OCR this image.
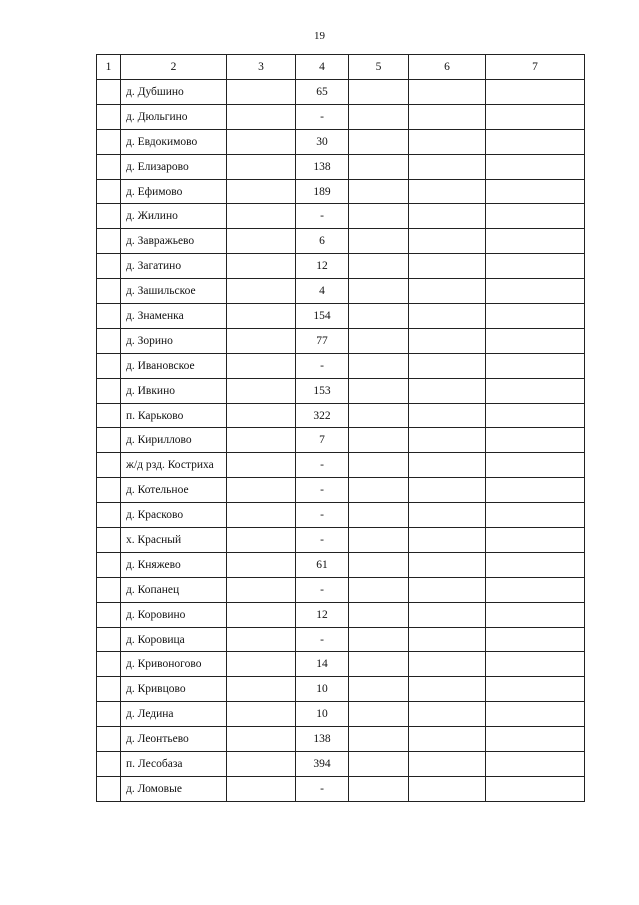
19
1	2	3	4	5	6	7
	д. Дубшино		65			
	д. Дюльгино		-			
	д. Евдокимово		30			
	д. Елизарово		138			
	д. Ефимово		189			
	д. Жилино		-			
	д. Завражьево		6			
	д. Загатино		12			
	д. Зашильское		4			
	д. Знаменка		154			
	д. Зорино		77			
	д. Ивановское		-			
	д. Ивкино		153			
	п. Карьково		322			
	д. Кириллово		7			
	ж/д рзд. Костриха		-			
	д. Котельное		-			
	д. Красково		-			
	х. Красный		-			
	д. Княжево		61			
	д. Копанец		-			
	д. Коровино		12			
	д. Коровица		-			
	д. Кривоногово		14			
	д. Кривцово		10			
	д. Ледина		10			
	д. Леонтьево		138			
	п. Лесобаза		394			
	д. Ломовые		-			
